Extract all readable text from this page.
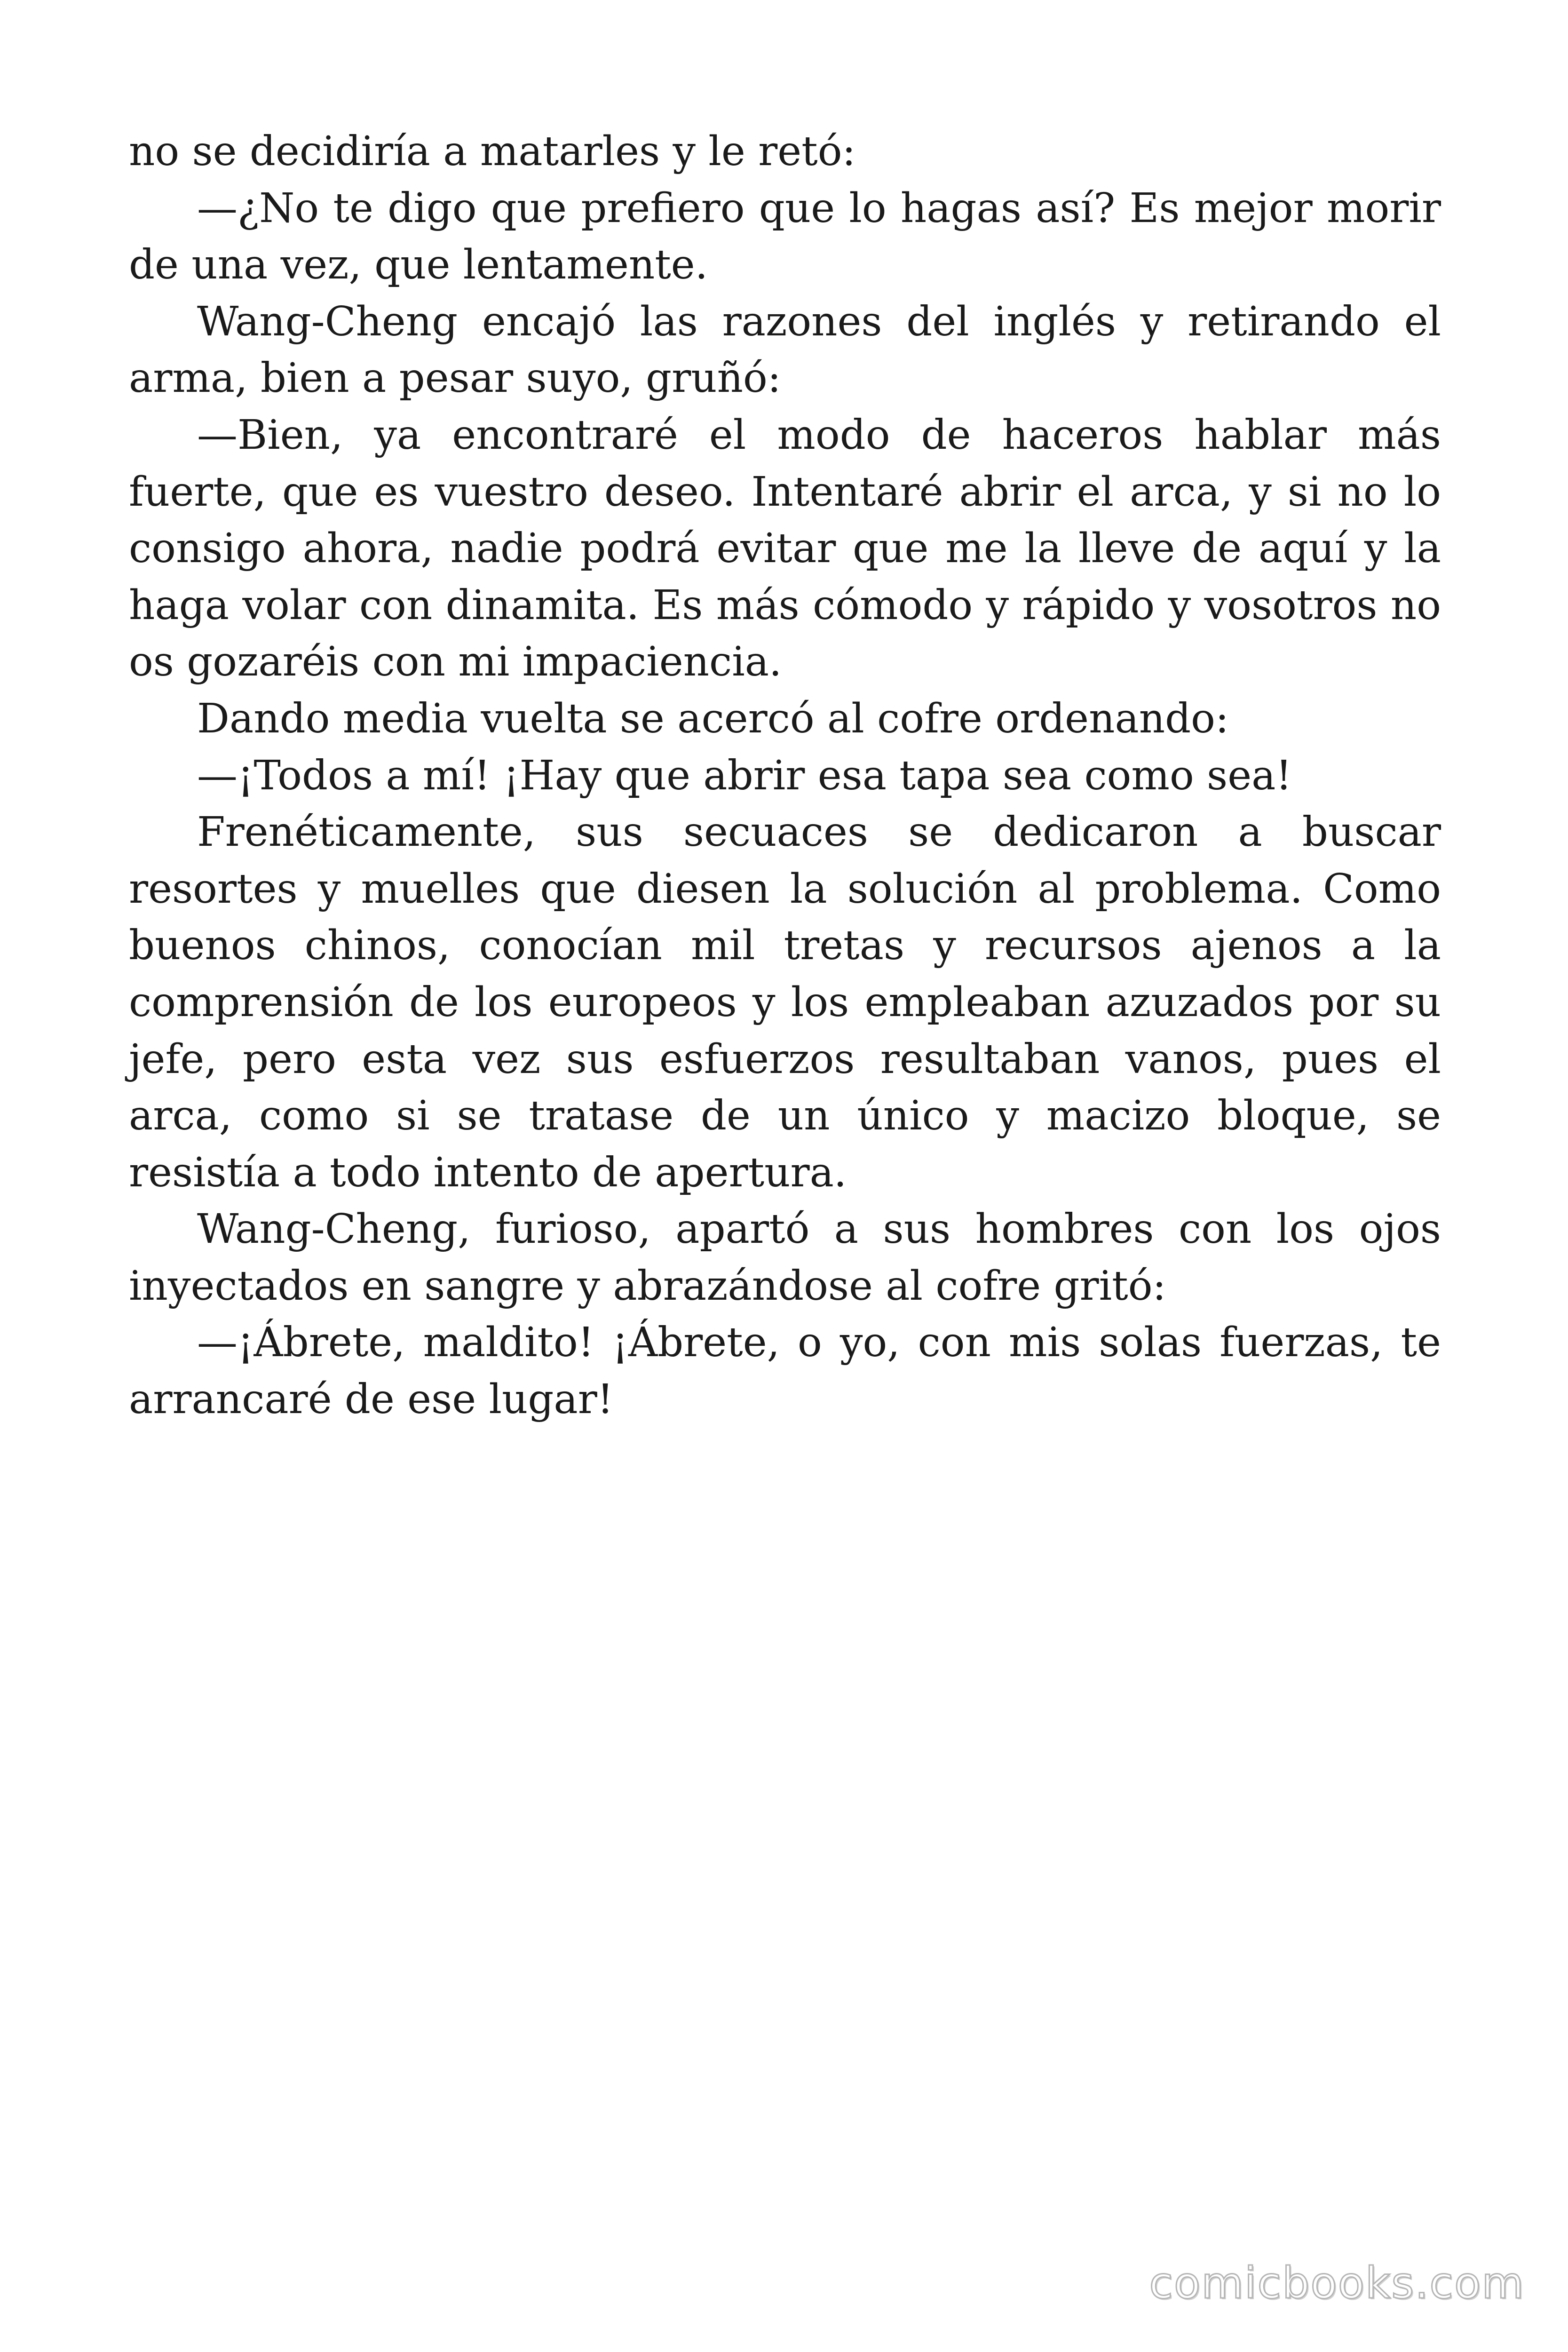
no se decidiría a matarles y le retó:

—¿No te digo que prefiero que lo hagas así? Es mejor morir de una vez, que lentamente.

Wang-Cheng encajó las razones del inglés y retirando el arma, bien a pesar suyo, gruñó:

—Bien, ya encontraré el modo de haceros hablar más fuerte, que es vuestro deseo. Intentaré abrir el arca, y si no lo consigo ahora, nadie podrá evitar que me la lleve de aquí y la haga volar con dinamita. Es más cómodo y rápido y vosotros no os gozaréis con mi impaciencia.

Dando media vuelta se acercó al cofre ordenando:

—¡Todos a mí! ¡Hay que abrir esa tapa sea como sea!

Frenéticamente, sus secuaces se dedicaron a buscar resortes y muelles que diesen la solución al problema. Como buenos chinos, conocían mil tretas y recursos ajenos a la comprensión de los europeos y los empleaban azuzados por su jefe, pero esta vez sus esfuerzos resultaban vanos, pues el arca, como si se tratase de un único y macizo bloque, se resistía a todo intento de apertura.

Wang-Cheng, furioso, apartó a sus hombres con los ojos inyectados en sangre y abrazándose al cofre gritó:

—¡Ábrete, maldito! ¡Ábrete, o yo, con mis solas fuerzas, te arrancaré de ese lugar!

comicbooks.com
